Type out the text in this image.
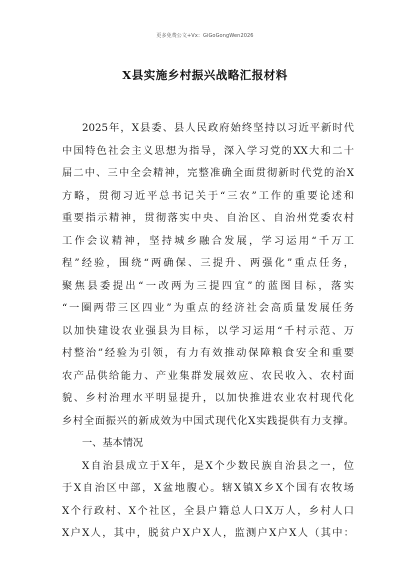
更多免费公文+Vx：GiGoGongWen2026
X县实施乡村振兴战略汇报材料
2025年，X县委、县人民政府始终坚持以习近平新时代
中国特色社会主义思想为指导，深入学习党的XX大和二十
届二中、三中全会精神，完整准确全面贯彻新时代党的治X
方略，贯彻习近平总书记关于“三农”工作的重要论述和
重要指示精神，贯彻落实中央、自治区、自治州党委农村
工作会议精神，坚持城乡融合发展，学习运用“千万工
程”经验，围绕“两确保、三提升、两强化”重点任务，
聚焦县委提出“一改两为三提四宜”的蓝图目标，落实
“一圈两带三区四业”为重点的经济社会高质量发展任务
以加快建设农业强县为目标，以学习运用“千村示范、万
村整治”经验为引领，有力有效推动保障粮食安全和重要
农产品供给能力、产业集群发展效应、农民收入、农村面
貌、乡村治理水平明显提升，以加快推进农业农村现代化
乡村全面振兴的新成效为中国式现代化X实践提供有力支撑。
一、基本情况
X自治县成立于X年，是X个少数民族自治县之一，位
于X自治区中部，X盆地腹心。辖X镇X乡X个国有农牧场
X个行政村、X个社区，全县户籍总人口X万人，乡村人口
X户X人，其中，脱贫户X户X人，监测户X户X人（其中：
